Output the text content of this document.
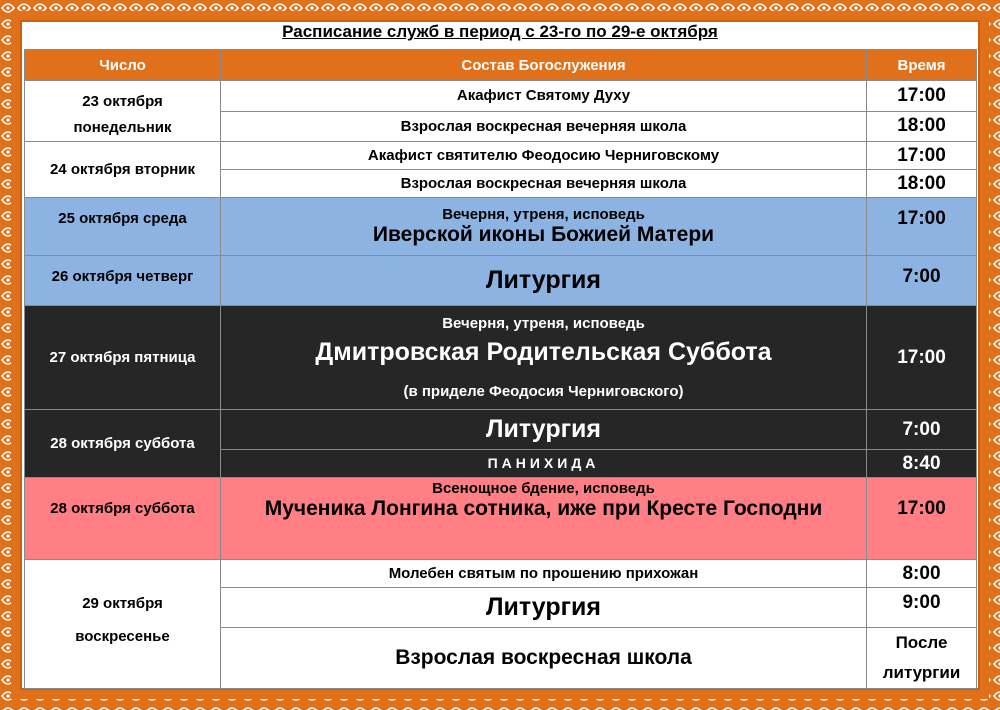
Расписание служб в период с 23-го по 29-е октября
Число	Состав Богослужения	Время
23 октября
понедельник	Акафист Святому Духу	17:00
	Взрослая воскресная вечерняя школа	18:00
24 октября вторник	Акафист святителю Феодосию Черниговскому	17:00
	Взрослая воскресная вечерняя школа	18:00
25 октября среда	Вечерня, утреня, исповедь
Иверской иконы Божией Матери	17:00
26 октября четверг	Литургия	7:00
27 октября пятница	Вечерня, утреня, исповедь
Дмитровская Родительская Суббота
(в приделе Феодосия Черниговского)	17:00
28 октября суббота	Литургия	7:00
	ПАНИХИДА	8:40
28 октября суббота	Всенощное бдение, исповедь
Мученика Лонгина сотника, иже при Кресте Господни	17:00
29 октября
воскресенье	Молебен святым по прошению прихожан	8:00

	Литургия	9:00

	Взрослая воскресная школа	После
литургии
